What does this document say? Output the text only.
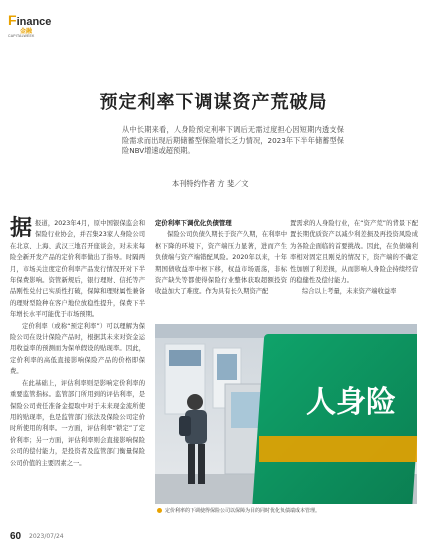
Finance
金融
CAPITALWEEK
预定利率下调谋资产荒破局
从中长期来看，人身险预定利率下调后无需过度担心因短期内透支保险需求而出现后期储蓄型保险增长乏力情况，2023年下半年储蓄型保险NBV增速或超预期。
本刊特约作者 方 斐／文

据报道，2023年4月，原中国银保监会和保险行业协会，并召集23家人身险公司在北京、上海、武汉三地召开座谈会，对未来每险全新开发产品的定价利率做出了指导。时隔两月，市场关注度定价利率产品发行情况开对下半年保费影响。资管新规后，银行理财、信托等产品刚性兑付已实质性打破，保障和理财属性兼备的理财型险种在客户地位放稳性提升，保费下半年增长水平可能优于市场预期。

定价利率（或称“预定利率”）可以理解为保险公司在设计保险产品时，根据其未来对资金运用收益率的预测而为保单假设的贴现率。因此，定价利率的高低直接影响保险产品的价格即保费。

在此基础上，评估利率则是影响定价利率的重要监管指标。监管部门所用到的评估利率，是保险公司责任准备金提取中对于未来现金流所使用的贴现率，也是监管部门依法及保险公司定价时所使用的利率。一方面，评估利率“锁定”了定价利率；另一方面，评估利率则会直接影响保险公司的偿付能力，是投资者及监管部门衡量保险公司价值的主要因素之一。

定价利率下调优化负债管理

保险公司负债久期长于资产久期，在利率中枢下降的环境下，资产端压力显著，进而产生负债端与资产端错配风险。2020年以来，十年期国债收益率中枢下移，权益市场震荡，非标资产缺失等都使得保险行业整体获取超额投资收益加大了难度。作为具有长久期资产配

置需求的人身险行业，在“资产荒”的背景下配置长期优质资产以减少利差损及再投资风险成为各险企面临的首要挑战。因此，在负债端利率相对固定且刚兑的情况下，资产端的不确定性加剧了利差损，从而影响人身险企持续经营的稳健性及偿付能力。

综合以上考量，未来资产端收益率

人身险
定价利率的下调使得保险公司以保障为目的同时优化负债端成本管理。
60 2023/07/24
